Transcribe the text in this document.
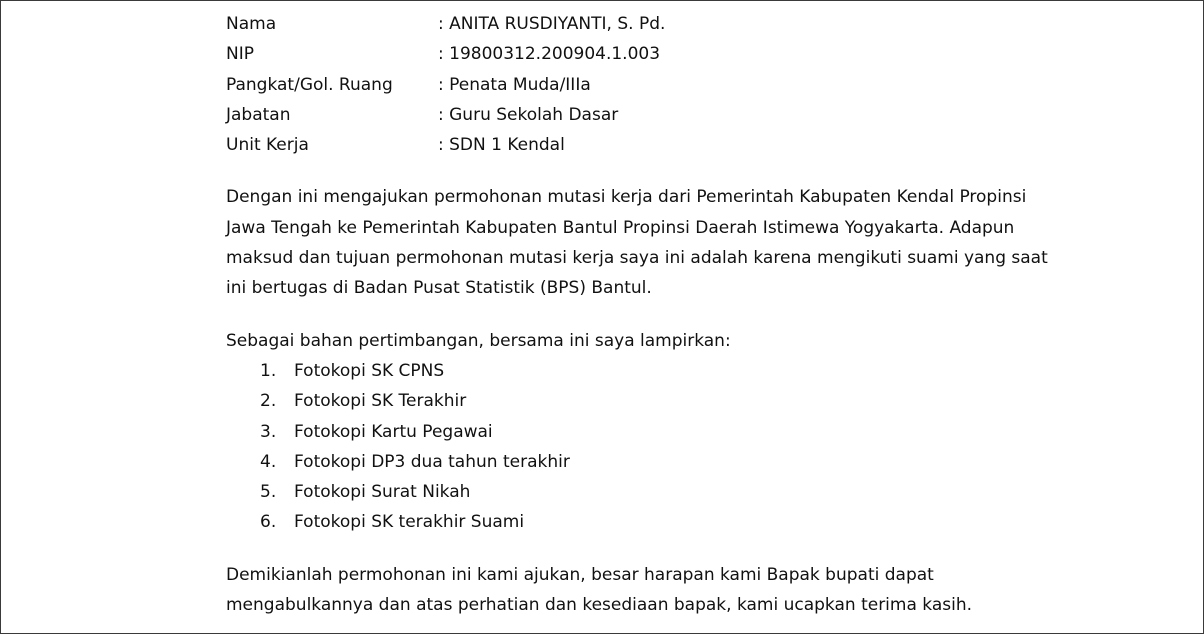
Nama	: ANITA RUSDIYANTI, S. Pd.
NIP	: 19800312.200904.1.003
Pangkat/Gol. Ruang	: Penata Muda/IIIa
Jabatan	: Guru Sekolah Dasar
Unit Kerja	: SDN 1 Kendal
Dengan ini mengajukan permohonan mutasi kerja dari Pemerintah Kabupaten Kendal Propinsi
Jawa Tengah ke Pemerintah Kabupaten Bantul Propinsi Daerah Istimewa Yogyakarta. Adapun
maksud dan tujuan permohonan mutasi kerja saya ini adalah karena mengikuti suami yang saat
ini bertugas di Badan Pusat Statistik (BPS) Bantul.
Sebagai bahan pertimbangan, bersama ini saya lampirkan:
1.	Fotokopi SK CPNS
2.	Fotokopi SK Terakhir
3.	Fotokopi Kartu Pegawai
4.	Fotokopi DP3 dua tahun terakhir
5.	Fotokopi Surat Nikah
6.	Fotokopi SK terakhir Suami
Demikianlah permohonan ini kami ajukan, besar harapan kami Bapak bupati dapat
mengabulkannya dan atas perhatian dan kesediaan bapak, kami ucapkan terima kasih.
